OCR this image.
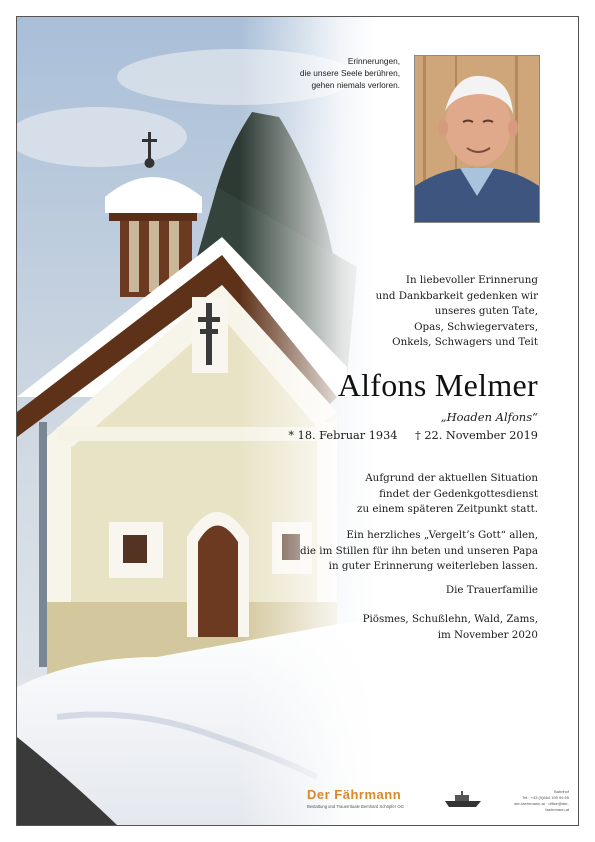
Erinnerungen,
die unsere Seele berühren,
gehen niemals verloren.
In liebevoller Erinnerung
und Dankbarkeit gedenken wir
unseres guten Tate,
Opas, Schwiegervaters,
Onkels, Schwagers und Teit
Alfons Melmer
„Hoaden Alfons“
* 18. Februar 1934 † 22. November 2019
Aufgrund der aktuellen Situation
findet der Gedenkgottesdienst
zu einem späteren Zeitpunkt statt.
Ein herzliches „Vergelt’s Gott“ allen,
die im Stillen für ihn beten und unseren Papa
in guter Erinnerung weiterleben lassen.
Die Trauerfamilie
Piösmes, Schußlehn, Wald, Zams,
im November 2020
Der Fährmann
Bestattung und Trauerrituale Bernhard Schöpfer OG
Bahnhof
Tel.: +43 (0)664 195 99 65
der-faehrmann.at · office@der-faehrmann.at
